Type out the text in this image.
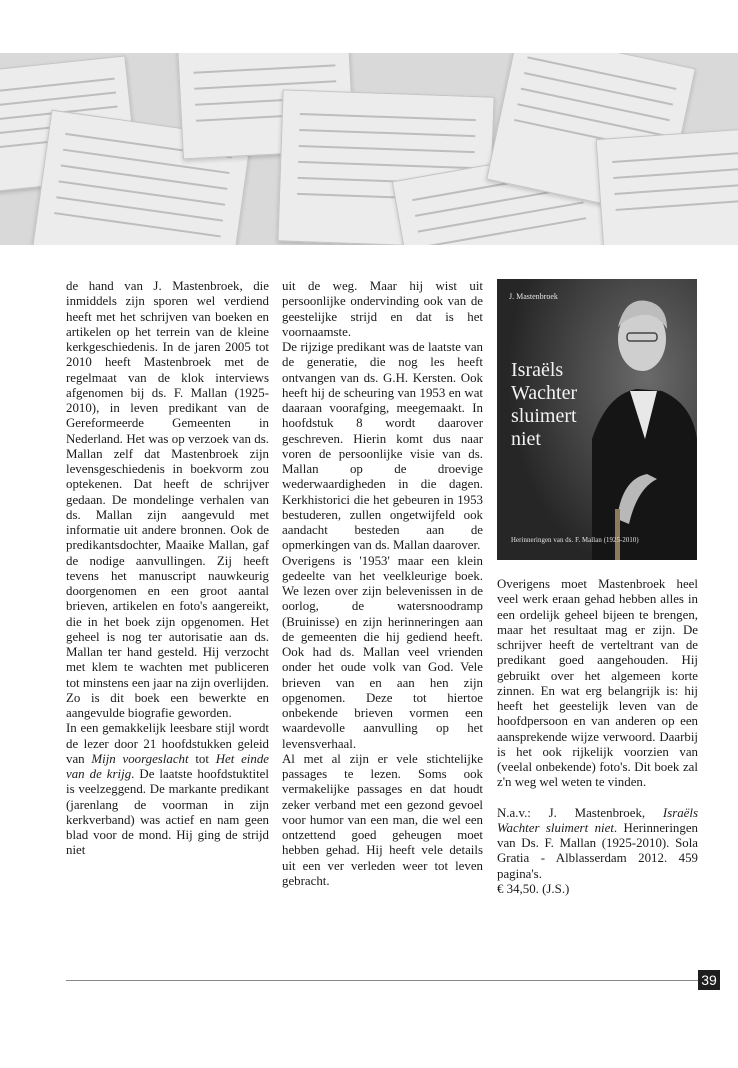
de hand van J. Mastenbroek, die inmiddels zijn sporen wel verdiend heeft met het schrijven van boeken en artikelen op het terrein van de kleine kerkgeschiedenis. In de jaren 2005 tot 2010 heeft Mastenbroek met de regelmaat van de klok interviews afgenomen bij ds. F. Mallan (1925-2010), in leven predikant van de Gereformeerde Gemeenten in Nederland. Het was op verzoek van ds. Mallan zelf dat Mastenbroek zijn levensgeschiedenis in boekvorm zou optekenen. Dat heeft de schrijver gedaan. De mondelinge verhalen van ds. Mallan zijn aangevuld met informatie uit andere bronnen. Ook de predikantsdochter, Maaike Mallan, gaf de nodige aanvullingen. Zij heeft tevens het manuscript nauwkeurig doorgenomen en een groot aantal brieven, artikelen en foto's aangereikt, die in het boek zijn opgenomen. Het geheel is nog ter autorisatie aan ds. Mallan ter hand gesteld. Hij verzocht met klem te wachten met publiceren tot minstens een jaar na zijn overlijden. Zo is dit boek een bewerkte en aangevulde biografie geworden.

In een gemakkelijk leesbare stijl wordt de lezer door 21 hoofdstukken geleid van Mijn voorgeslacht tot Het einde van de krijg. De laatste hoofdstuktitel is veelzeggend. De markante predikant (jarenlang de voorman in zijn kerkverband) was actief en nam geen blad voor de mond. Hij ging de strijd niet

uit de weg. Maar hij wist uit persoonlijke ondervinding ook van de geestelijke strijd en dat is het voornaamste.

De rijzige predikant was de laatste van de generatie, die nog les heeft ontvangen van ds. G.H. Kersten. Ook heeft hij de scheuring van 1953 en wat daaraan voorafging, meegemaakt. In hoofdstuk 8 wordt daarover geschreven. Hierin komt dus naar voren de persoonlijke visie van ds. Mallan op de droevige wederwaardigheden in die dagen. Kerkhistorici die het gebeuren in 1953 bestuderen, zullen ongetwijfeld ook aandacht besteden aan de opmerkingen van ds. Mallan daarover.

Overigens is '1953' maar een klein gedeelte van het veelkleurige boek. We lezen over zijn belevenissen in de oorlog, de watersnoodramp (Bruinisse) en zijn herinneringen aan de gemeenten die hij gediend heeft. Ook had ds. Mallan veel vrienden onder het oude volk van God. Vele brieven van en aan hen zijn opgenomen. Deze tot hiertoe onbekende brieven vormen een waardevolle aanvulling op het levensverhaal.

Al met al zijn er vele stichtelijke passages te lezen. Soms ook vermakelijke passages en dat houdt zeker verband met een gezond gevoel voor humor van een man, die wel een ontzettend goed geheugen moet hebben gehad. Hij heeft vele details uit een ver verleden weer tot leven gebracht.

J. Mastenbroek
Israëls
Wachter
sluimert
niet
Herinneringen van ds. F. Mallan (1925-2010)

Overigens moet Mastenbroek heel veel werk eraan gehad hebben alles in een ordelijk geheel bijeen te brengen, maar het resultaat mag er zijn. De schrijver heeft de verteltrant van de predikant goed aangehouden. Hij gebruikt over het algemeen korte zinnen. En wat erg belangrijk is: hij heeft het geestelijk leven van de hoofdpersoon en van anderen op een aansprekende wijze verwoord. Daarbij is het ook rijkelijk voorzien van (veelal onbekende) foto's. Dit boek zal z'n weg wel weten te vinden.

N.a.v.: J. Mastenbroek, Israëls Wachter sluimert niet. Herinneringen van Ds. F. Mallan (1925-2010). Sola Gratia - Alblasserdam 2012. 459 pagina's.
€ 34,50. (J.S.)

39
